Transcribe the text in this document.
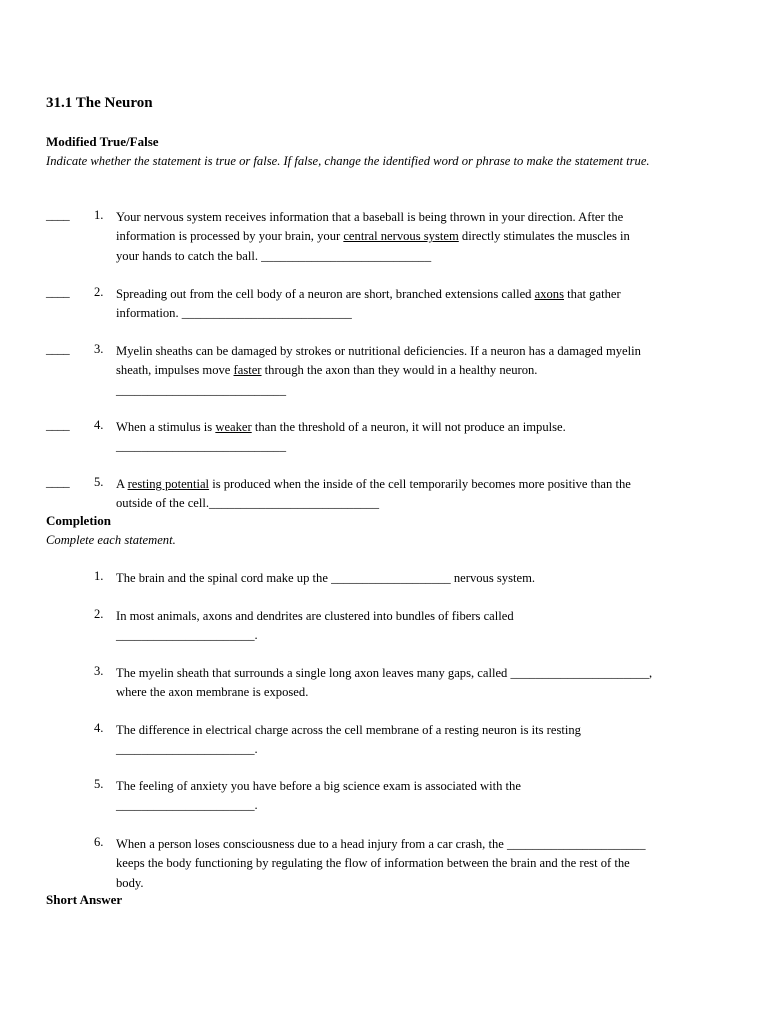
31.1 The Neuron
Modified True/False
Indicate whether the statement is true or false. If false, change the identified word or phrase to make the statement true.
____ 1. Your nervous system receives information that a baseball is being thrown in your direction. After the information is processed by your brain, your central nervous system directly stimulates the muscles in your hands to catch the ball. ___________________________
____ 2. Spreading out from the cell body of a neuron are short, branched extensions called axons that gather information. ___________________________
____ 3. Myelin sheaths can be damaged by strokes or nutritional deficiencies. If a neuron has a damaged myelin sheath, impulses move faster through the axon than they would in a healthy neuron. ___________________________
____ 4. When a stimulus is weaker than the threshold of a neuron, it will not produce an impulse. ___________________________
____ 5. A resting potential is produced when the inside of the cell temporarily becomes more positive than the outside of the cell.___________________________
Completion
Complete each statement.
1. The brain and the spinal cord make up the ___________________ nervous system.
2. In most animals, axons and dendrites are clustered into bundles of fibers called ______________________.
3. The myelin sheath that surrounds a single long axon leaves many gaps, called ______________________, where the axon membrane is exposed.
4. The difference in electrical charge across the cell membrane of a resting neuron is its resting ______________________.
5. The feeling of anxiety you have before a big science exam is associated with the ______________________.
6. When a person loses consciousness due to a head injury from a car crash, the ______________________ keeps the body functioning by regulating the flow of information between the brain and the rest of the body.
Short Answer
